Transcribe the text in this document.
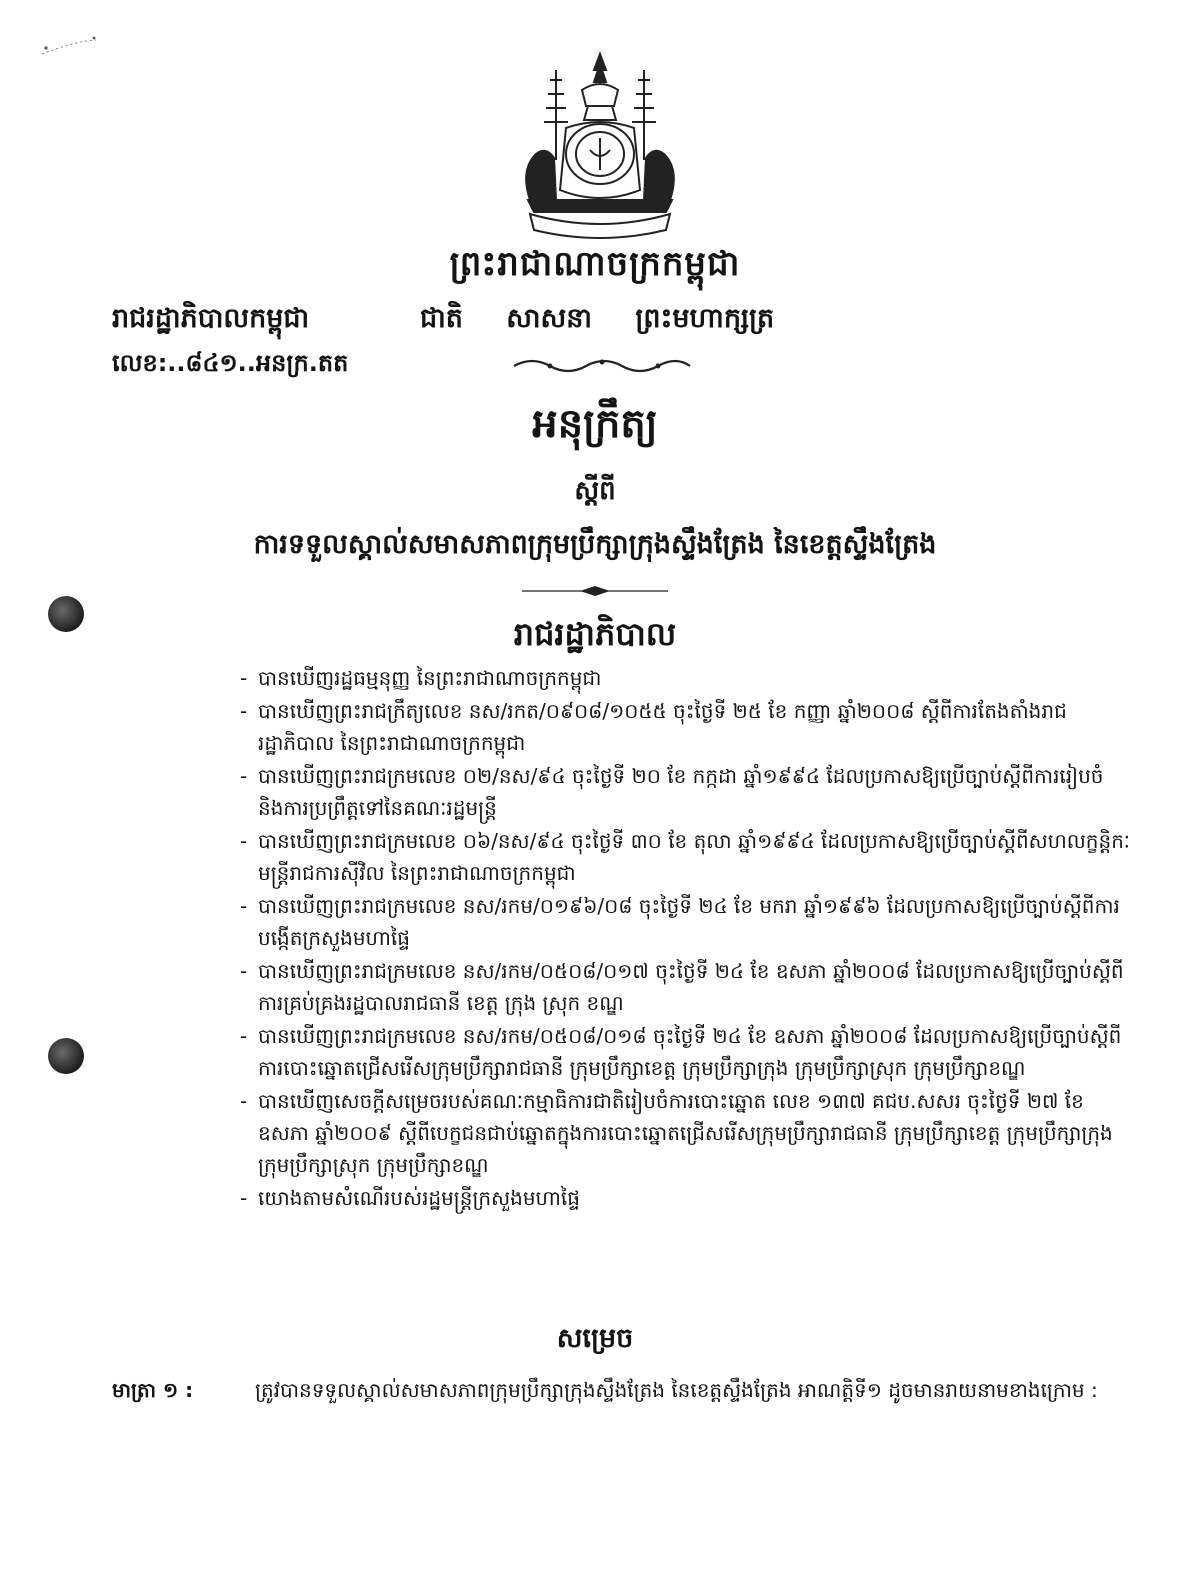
ព្រះរាជាណាចក្រកម្ពុជា
រាជរដ្ឋាភិបាលកម្ពុជា	ជាតិ សាសនា ព្រះមហាក្សត្រ
លេខ:..៨៤១..អនក្រ.តត
អនុក្រឹត្យ
ស្តីពី
ការទទួលស្គាល់សមាសភាពក្រុមប្រឹក្សាក្រុងស្ទឹងត្រែង នៃខេត្តស្ទឹងត្រែង
រាជរដ្ឋាភិបាល
- បានឃើញរដ្ឋធម្មនុញ្ញ នៃព្រះរាជាណាចក្រកម្ពុជា
- បានឃើញព្រះរាជក្រឹត្យលេខ នស/រកត/០៩០៨/១០៥៥ ចុះថ្ងៃទី ២៥ ខែ កញ្ញា ឆ្នាំ២០០៨ ស្តីពីការតែងតាំងរាជរដ្ឋាភិបាល នៃព្រះរាជាណាចក្រកម្ពុជា
- បានឃើញព្រះរាជក្រមលេខ ០២/នស/៩៤ ចុះថ្ងៃទី ២០ ខែ កក្កដា ឆ្នាំ១៩៩៤ ដែលប្រកាសឱ្យប្រើច្បាប់ស្តីពីការរៀបចំ និងការប្រព្រឹត្តទៅនៃគណៈរដ្ឋមន្ត្រី
- បានឃើញព្រះរាជក្រមលេខ ០៦/នស/៩៤ ចុះថ្ងៃទី ៣០ ខែ តុលា ឆ្នាំ១៩៩៤ ដែលប្រកាសឱ្យប្រើច្បាប់ស្តីពីសហលក្ខន្តិកៈមន្ត្រីរាជការស៊ីវិល នៃព្រះរាជាណាចក្រកម្ពុជា
- បានឃើញព្រះរាជក្រមលេខ នស/រកម/០១៩៦/០៨ ចុះថ្ងៃទី ២៤ ខែ មករា ឆ្នាំ១៩៩៦ ដែលប្រកាសឱ្យប្រើច្បាប់ស្តីពីការបង្កើតក្រសួងមហាផ្ទៃ
- បានឃើញព្រះរាជក្រមលេខ នស/រកម/០៥០៨/០១៧ ចុះថ្ងៃទី ២៤ ខែ ឧសភា ឆ្នាំ២០០៨ ដែលប្រកាសឱ្យប្រើច្បាប់ស្តីពីការគ្រប់គ្រងរដ្ឋបាលរាជធានី ខេត្ត ក្រុង ស្រុក ខណ្ឌ
- បានឃើញព្រះរាជក្រមលេខ នស/រកម/០៥០៨/០១៨ ចុះថ្ងៃទី ២៤ ខែ ឧសភា ឆ្នាំ២០០៨ ដែលប្រកាសឱ្យប្រើច្បាប់ស្តីពីការបោះឆ្នោតជ្រើសរើសក្រុមប្រឹក្សារាជធានី ក្រុមប្រឹក្សាខេត្ត ក្រុមប្រឹក្សាក្រុង ក្រុមប្រឹក្សាស្រុក ក្រុមប្រឹក្សាខណ្ឌ
- បានឃើញសេចក្តីសម្រេចរបស់គណៈកម្មាធិការជាតិរៀបចំការបោះឆ្នោត លេខ ១៣៧ គជប.សសរ ចុះថ្ងៃទី ២៧ ខែ ឧសភា ឆ្នាំ២០០៩ ស្តីពីបេក្ខជនជាប់ឆ្នោតក្នុងការបោះឆ្នោតជ្រើសរើសក្រុមប្រឹក្សារាជធានី ក្រុមប្រឹក្សាខេត្ត ក្រុមប្រឹក្សាក្រុង ក្រុមប្រឹក្សាស្រុក ក្រុមប្រឹក្សាខណ្ឌ
- យោងតាមសំណើរបស់រដ្ឋមន្ត្រីក្រសួងមហាផ្ទៃ
សម្រេច
មាត្រា ១ :	ត្រូវបានទទួលស្គាល់សមាសភាពក្រុមប្រឹក្សាក្រុងស្ទឹងត្រែង នៃខេត្តស្ទឹងត្រែង អាណត្តិទី១ ដូចមានរាយនាមខាងក្រោម :
